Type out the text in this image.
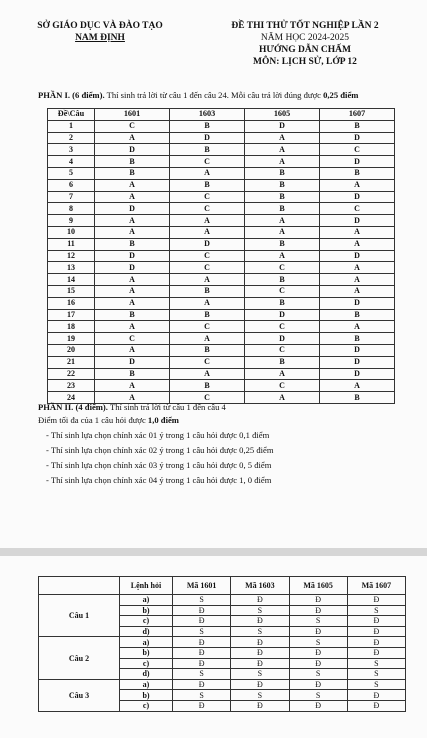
SỞ GIÁO DỤC VÀ ĐÀO TẠO
NAM ĐỊNH
ĐỀ THI THỬ TỐT NGHIỆP LẦN 2
NĂM HỌC 2024-2025
HƯỚNG DẪN CHẤM
MÔN: LỊCH SỬ, LỚP 12
PHẦN I. (6 điểm). Thí sinh trả lời từ câu 1 đến câu 24. Mỗi câu trả lời đúng được 0,25 điểm
Đề\Câu	1601	1603	1605	1607
1	C	B	D	B
2	A	D	A	D
3	D	B	A	C
4	B	C	A	D
5	B	A	B	B
6	A	B	B	A
7	A	C	B	D
8	D	C	B	C
9	A	A	A	D
10	A	A	A	A
11	B	D	B	A
12	D	C	A	D
13	D	C	C	A
14	A	A	B	A
15	A	B	C	A
16	A	A	B	D
17	B	B	D	B
18	A	C	C	A
19	C	A	D	B
20	A	B	C	D
21	D	C	B	D
22	B	A	A	D
23	A	B	C	A
24	A	C	A	B
PHẦN II. (4 điểm). Thí sinh trả lời từ câu 1 đến câu 4
Điểm tối đa của 1 câu hỏi được 1,0 điểm
- Thí sinh lựa chọn chính xác 01 ý trong 1 câu hỏi được 0,1 điểm
- Thí sinh lựa chọn chính xác 02 ý trong 1 câu hỏi được 0,25 điểm
- Thí sinh lựa chọn chính xác 03 ý trong 1 câu hỏi được 0, 5 điểm
- Thí sinh lựa chọn chính xác 04 ý trong 1 câu hỏi được 1, 0 điểm
	Lệnh hỏi	Mã 1601	Mã 1603	Mã 1605	Mã 1607
Câu 1	a)	S	Đ	Đ	Đ
	b)	Đ	S	Đ	S
	c)	Đ	Đ	S	Đ
	d)	S	S	Đ	Đ
Câu 2	a)	Đ	Đ	S	Đ
	b)	Đ	Đ	Đ	Đ
	c)	Đ	Đ	Đ	S
	d)	S	S	S	S
Câu 3	a)	Đ	Đ	Đ	S
	b)	S	S	S	Đ
	c)	Đ	Đ	Đ	Đ
